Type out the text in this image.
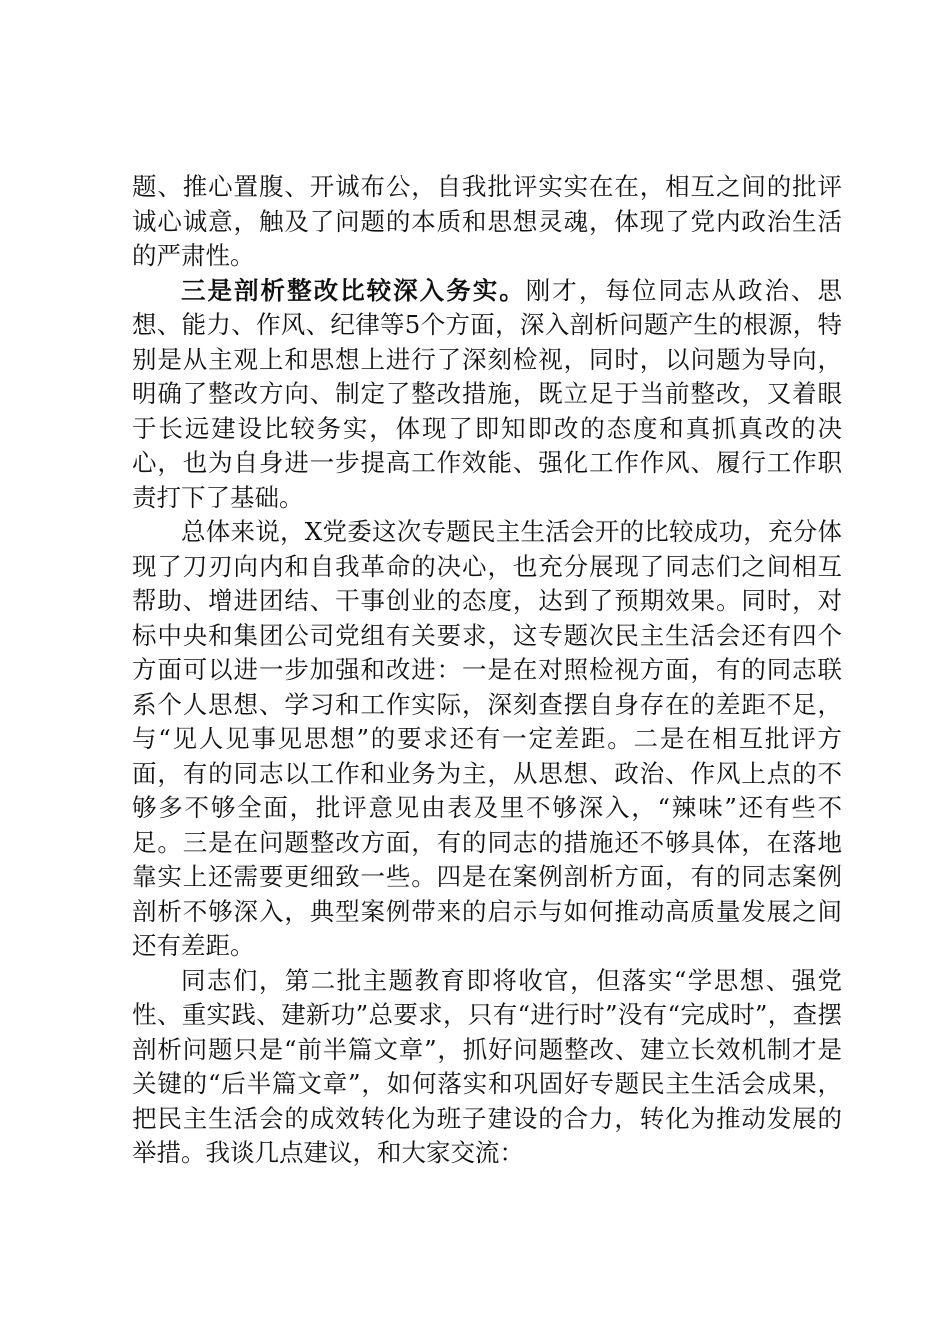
题、推心置腹、开诚布公，自我批评实实在在，相互之间的批评诚心诚意，触及了问题的本质和思想灵魂，体现了党内政治生活的严肃性。

三是剖析整改比较深入务实。刚才，每位同志从政治、思想、能力、作风、纪律等5个方面，深入剖析问题产生的根源，特别是从主观上和思想上进行了深刻检视，同时，以问题为导向，明确了整改方向、制定了整改措施，既立足于当前整改，又着眼于长远建设比较务实，体现了即知即改的态度和真抓真改的决心，也为自身进一步提高工作效能、强化工作作风、履行工作职责打下了基础。

总体来说，X党委这次专题民主生活会开的比较成功，充分体现了刀刃向内和自我革命的决心，也充分展现了同志们之间相互帮助、增进团结、干事创业的态度，达到了预期效果。同时，对标中央和集团公司党组有关要求，这专题次民主生活会还有四个方面可以进一步加强和改进：一是在对照检视方面，有的同志联系个人思想、学习和工作实际，深刻查摆自身存在的差距不足，与“见人见事见思想”的要求还有一定差距。二是在相互批评方面，有的同志以工作和业务为主，从思想、政治、作风上点的不够多不够全面，批评意见由表及里不够深入，“辣味”还有些不足。三是在问题整改方面，有的同志的措施还不够具体，在落地靠实上还需要更细致一些。四是在案例剖析方面，有的同志案例剖析不够深入，典型案例带来的启示与如何推动高质量发展之间还有差距。

同志们，第二批主题教育即将收官，但落实“学思想、强党性、重实践、建新功”总要求，只有“进行时”没有“完成时”，查摆剖析问题只是“前半篇文章”，抓好问题整改、建立长效机制才是关键的“后半篇文章”，如何落实和巩固好专题民主生活会成果，把民主生活会的成效转化为班子建设的合力，转化为推动发展的举措。我谈几点建议，和大家交流：
